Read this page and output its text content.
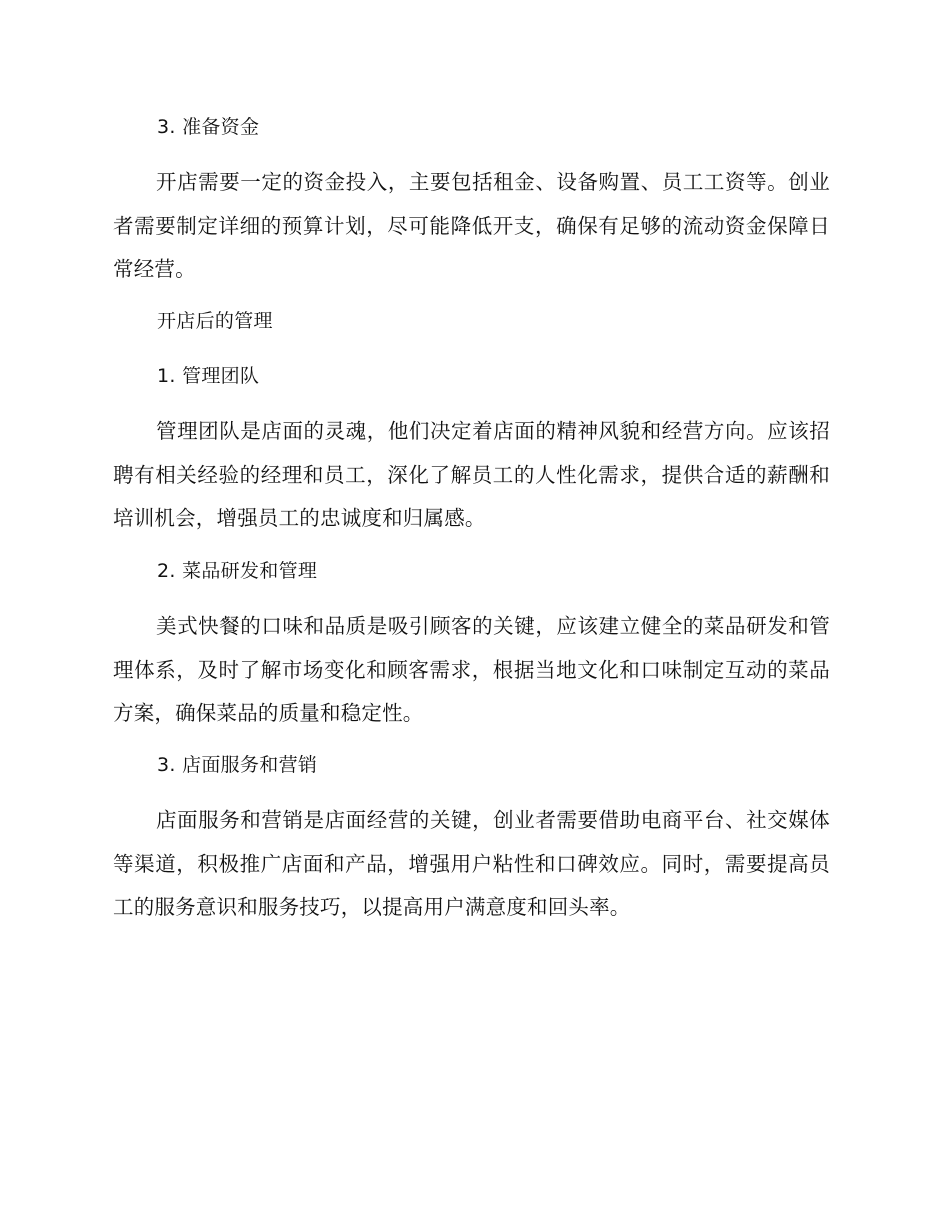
3. 准备资金

开店需要一定的资金投入，主要包括租金、设备购置、员工工资等。创业者需要制定详细的预算计划，尽可能降低开支，确保有足够的流动资金保障日常经营。

开店后的管理
1. 管理团队

管理团队是店面的灵魂，他们决定着店面的精神风貌和经营方向。应该招聘有相关经验的经理和员工，深化了解员工的人性化需求，提供合适的薪酬和培训机会，增强员工的忠诚度和归属感。

2. 菜品研发和管理

美式快餐的口味和品质是吸引顾客的关键，应该建立健全的菜品研发和管理体系，及时了解市场变化和顾客需求，根据当地文化和口味制定互动的菜品方案，确保菜品的质量和稳定性。

3. 店面服务和营销

店面服务和营销是店面经营的关键，创业者需要借助电商平台、社交媒体等渠道，积极推广店面和产品，增强用户粘性和口碑效应。同时，需要提高员工的服务意识和服务技巧，以提高用户满意度和回头率。
